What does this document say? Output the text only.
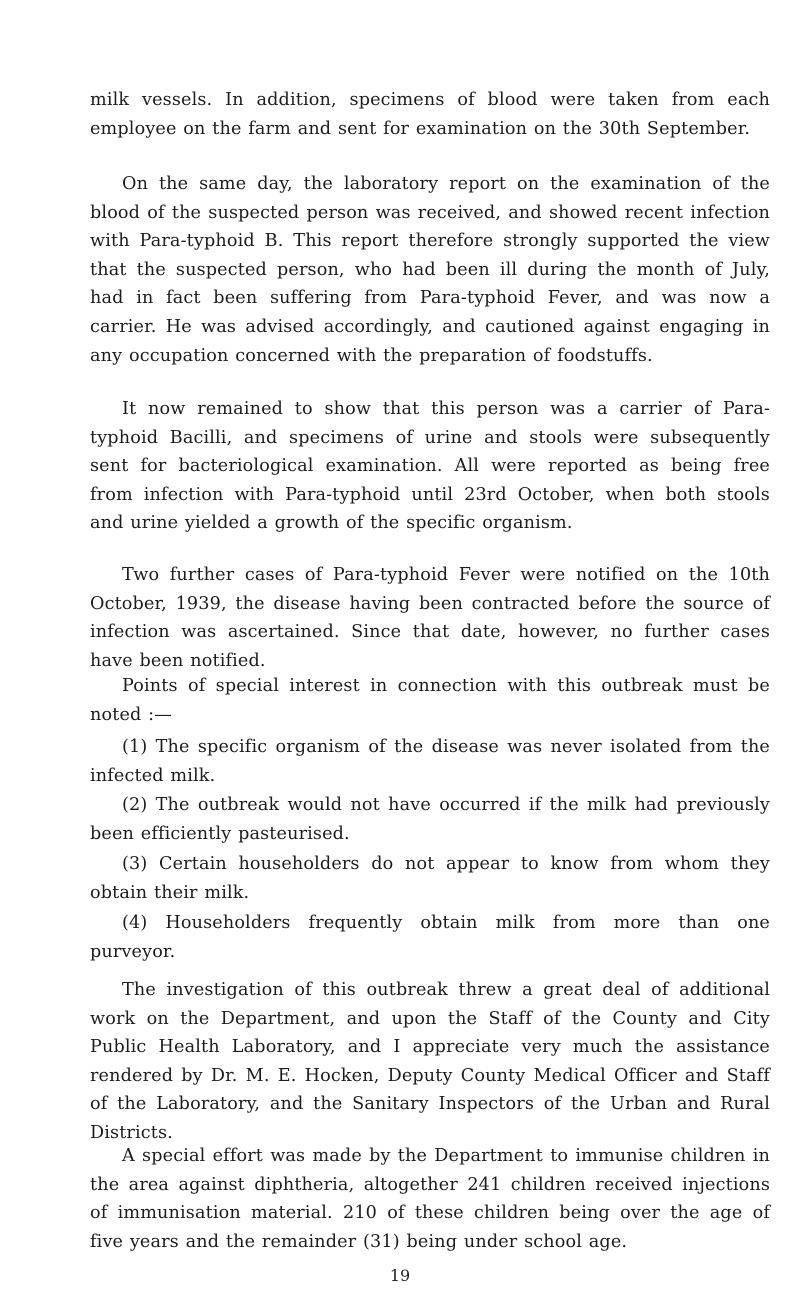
milk vessels. In addition, specimens of blood were taken from each employee on the farm and sent for examination on the 30th September.

On the same day, the laboratory report on the examination of the blood of the suspected person was received, and showed recent infection with Para-typhoid B. This report therefore strongly supported the view that the suspected person, who had been ill during the month of July, had in fact been suffering from Para-typhoid Fever, and was now a carrier. He was advised accordingly, and cautioned against engaging in any occupation concerned with the preparation of foodstuffs.

It now remained to show that this person was a carrier of Para-typhoid Bacilli, and specimens of urine and stools were subsequently sent for bacteriological examination. All were reported as being free from infection with Para-typhoid until 23rd October, when both stools and urine yielded a growth of the specific organism.

Two further cases of Para-typhoid Fever were notified on the 10th October, 1939, the disease having been contracted before the source of infection was ascertained. Since that date, however, no further cases have been notified.

Points of special interest in connection with this outbreak must be noted :—

(1) The specific organism of the disease was never isolated from the infected milk.

(2) The outbreak would not have occurred if the milk had previously been efficiently pasteurised.

(3) Certain householders do not appear to know from whom they obtain their milk.

(4) Householders frequently obtain milk from more than one purveyor.

The investigation of this outbreak threw a great deal of additional work on the Department, and upon the Staff of the County and City Public Health Laboratory, and I appreciate very much the assistance rendered by Dr. M. E. Hocken, Deputy County Medical Officer and Staff of the Laboratory, and the Sanitary Inspectors of the Urban and Rural Districts.

A special effort was made by the Department to immunise children in the area against diphtheria, altogether 241 children received injections of immunisation material. 210 of these children being over the age of five years and the remainder (31) being under school age.

19
